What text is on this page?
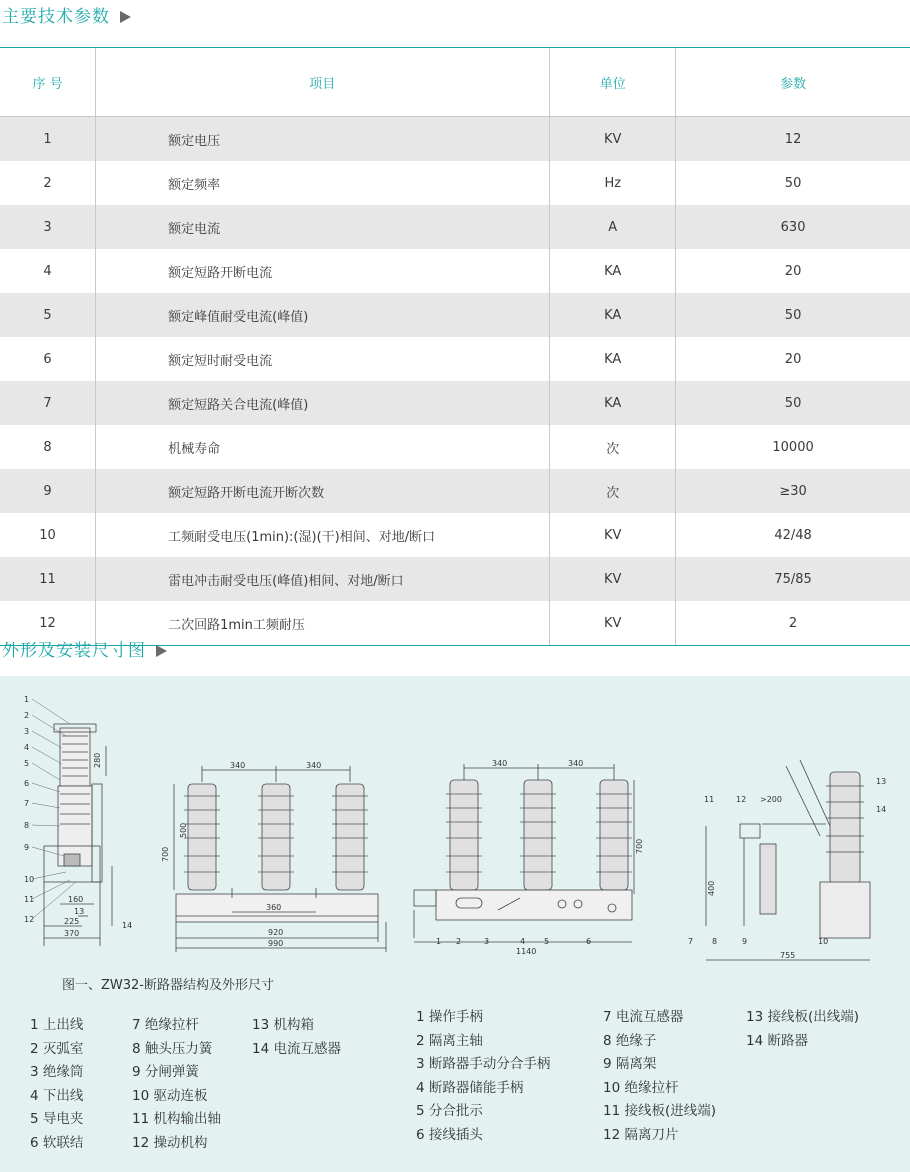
主要技术参数
序 号	项目	单位	参数
1	额定电压	KV	12
2	额定频率	Hz	50
3	额定电流	A	630
4	额定短路开断电流	KA	20
5	额定峰值耐受电流(峰值)	KA	50
6	额定短时耐受电流	KA	20
7	额定短路关合电流(峰值)	KA	50
8	机械寿命	次	10000
9	额定短路开断电流开断次数	次	≥30
10	工频耐受电压(1min):(湿)(干)相间、对地/断口	KV	42/48
11	雷电冲击耐受电压(峰值)相间、对地/断口	KV	75/85
12	二次回路1min工频耐压	KV	2
外形及安装尺寸图
280
160
13
225
370
1
2
3
4
5
6
7
8
9
10
11
12
14
340	340
500
700
360
920
990
340	340
700
1140
1 2	3	4 5	6
400
>200
755
11	12
13
14
7 8	9	10
图一、ZW32-断路器结构及外形尺寸
1 上出线
2 灭弧室
3 绝缘筒
4 下出线
5 导电夹
6 软联结
7 绝缘拉杆
8 触头压力簧
9 分闸弹簧
10 驱动连板
11 机构输出轴
12 操动机构
13 机构箱
14 电流互感器
1 操作手柄
2 隔离主轴
3 断路器手动分合手柄
4 断路器储能手柄
5 分合批示
6 接线插头
7 电流互感器
8 绝缘子
9 隔离架
10 绝缘拉杆
11 接线板(进线端)
12 隔离刀片
13 接线板(出线端)
14 断路器
